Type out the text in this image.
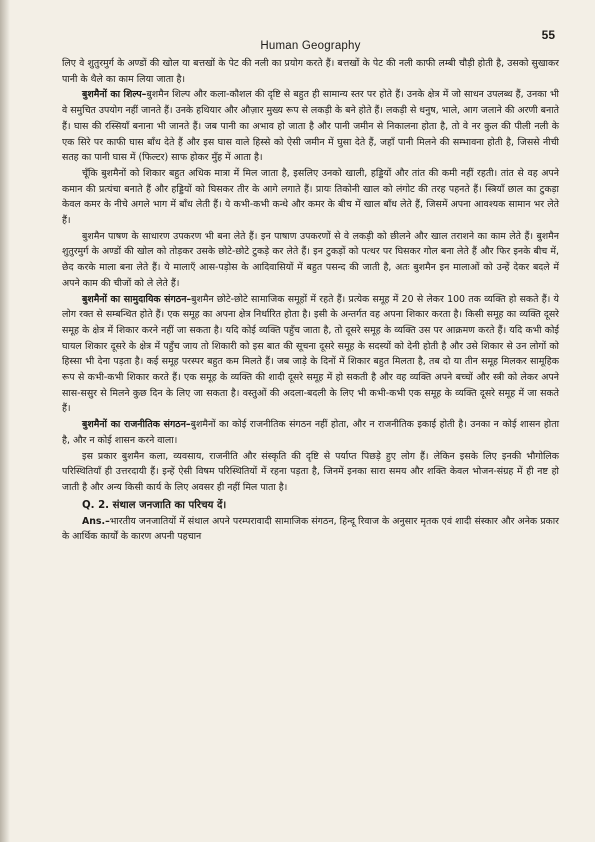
55
Human Geography

लिए वे शुतुरमुर्ग के अण्डों की खोल या बत्तखों के पेट की नली का प्रयोग करते हैं। बत्तखों के पेट की नली काफी लम्बी चौड़ी होती है, उसको सुखाकर पानी के थैले का काम लिया जाता है।

बुशमैनों का शिल्प–बुशमैन शिल्प और कला-कौशल की दृष्टि से बहुत ही सामान्य स्तर पर होते हैं। उनके क्षेत्र में जो साधन उपलब्ध हैं, उनका भी वे समुचित उपयोग नहीं जानते हैं। उनके हथियार और औज़ार मुख्य रूप से लकड़ी के बने होते हैं। लकड़ी से धनुष, भाले, आग जलाने की अरणी बनाते हैं। घास की रस्सियाँ बनाना भी जानते हैं। जब पानी का अभाव हो जाता है और पानी जमीन से निकालना होता है, तो वे नर कुल की पीली नली के एक सिरे पर काफी घास बाँध देते हैं और इस घास वाले हिस्से को ऐसी जमीन में घुसा देते हैं, जहाँ पानी मिलने की सम्भावना होती है, जिससे नीची सतह का पानी घास में (फिल्टर) साफ होकर मुँह में आता है।

चूँकि बुशमैनों को शिकार बहुत अधिक मात्रा में मिल जाता है, इसलिए उनको खाली, हड्डियों और तांत की कमी नहीं रहती। तांत से वह अपने कमान की प्रत्यंचा बनाते हैं और हड्डियों को घिसकर तीर के आगे लगाते हैं। प्रायः तिकोनी खाल को लंगोट की तरह पहनते हैं। स्त्रियाँ छाल का टुकड़ा केवल कमर के नीचे अगले भाग में बाँध लेती हैं। ये कभी-कभी कन्धे और कमर के बीच में खाल बाँध लेते हैं, जिसमें अपना आवश्यक सामान भर लेते हैं।

बुशमैन पाषण के साधारण उपकरण भी बना लेते हैं। इन पाषाण उपकरणों से वे लकड़ी को छीलने और खाल तराशने का काम लेते हैं। बुशमैन शुतुरमुर्ग के अण्डों की खोल को तोड़कर उसके छोटे-छोटे टुकड़े कर लेते हैं। इन टुकड़ों को पत्थर पर घिसकर गोल बना लेते हैं और फिर इनके बीच में, छेद करके माला बना लेते हैं। ये मालाएँ आस-पड़ोस के आदिवासियों में बहुत पसन्द की जाती है, अतः बुशमैन इन मालाओं को उन्हें देकर बदले में अपने काम की चीजों को ले लेते हैं।

बुशमैनों का सामुदायिक संगठन–बुशमैन छोटे-छोटे सामाजिक समूहों में रहते हैं। प्रत्येक समूह में 20 से लेकर 100 तक व्यक्ति हो सकते हैं। ये लोग रक्त से सम्बन्धित होते हैं। एक समूह का अपना क्षेत्र निर्धारित होता है। इसी के अन्तर्गत वह अपना शिकार करता है। किसी समूह का व्यक्ति दूसरे समूह के क्षेत्र में शिकार करने नहीं जा सकता है। यदि कोई व्यक्ति पहुँच जाता है, तो दूसरे समूह के व्यक्ति उस पर आक्रमण करते हैं। यदि कभी कोई घायल शिकार दूसरे के क्षेत्र में पहुँच जाय तो शिकारी को इस बात की सूचना दूसरे समूह के सदस्यों को देनी होती है और उसे शिकार से उन लोगों को हिस्सा भी देना पड़ता है। कई समूह परस्पर बहुत कम मिलते हैं। जब जाड़े के दिनों में शिकार बहुत मिलता है, तब दो या तीन समूह मिलकर सामूहिक रूप से कभी-कभी शिकार करते हैं। एक समूह के व्यक्ति की शादी दूसरे समूह में हो सकती है और वह व्यक्ति अपने बच्चों और स्त्री को लेकर अपने सास-ससुर से मिलने कुछ दिन के लिए जा सकता है। वस्तुओं की अदला-बदली के लिए भी कभी-कभी एक समूह के व्यक्ति दूसरे समूह में जा सकते हैं।

बुशमैनों का राजनीतिक संगठन–बुशमैनों का कोई राजनीतिक संगठन नहीं होता, और न राजनीतिक इकाई होती है। उनका न कोई शासन होता है, और न कोई शासन करने वाला।

इस प्रकार बुशमैन कला, व्यवसाय, राजनीति और संस्कृति की दृष्टि से पर्याप्त पिछड़े हुए लोग हैं। लेकिन इसके लिए इनकी भौगोलिक परिस्थितियाँ ही उत्तरदायी हैं। इन्हें ऐसी विषम परिस्थितियों में रहना पड़ता है, जिनमें इनका सारा समय और शक्ति केवल भोजन-संग्रह में ही नष्ट हो जाती है और अन्य किसी कार्य के लिए अवसर ही नहीं मिल पाता है।

Q. 2. संथाल जनजाति का परिचय दें।

Ans.–भारतीय जनजातियों में संथाल अपने परम्परावादी सामाजिक संगठन, हिन्दू रिवाज के अनुसार मृतक एवं शादी संस्कार और अनेक प्रकार के आर्थिक कार्यों के कारण अपनी पहचान
